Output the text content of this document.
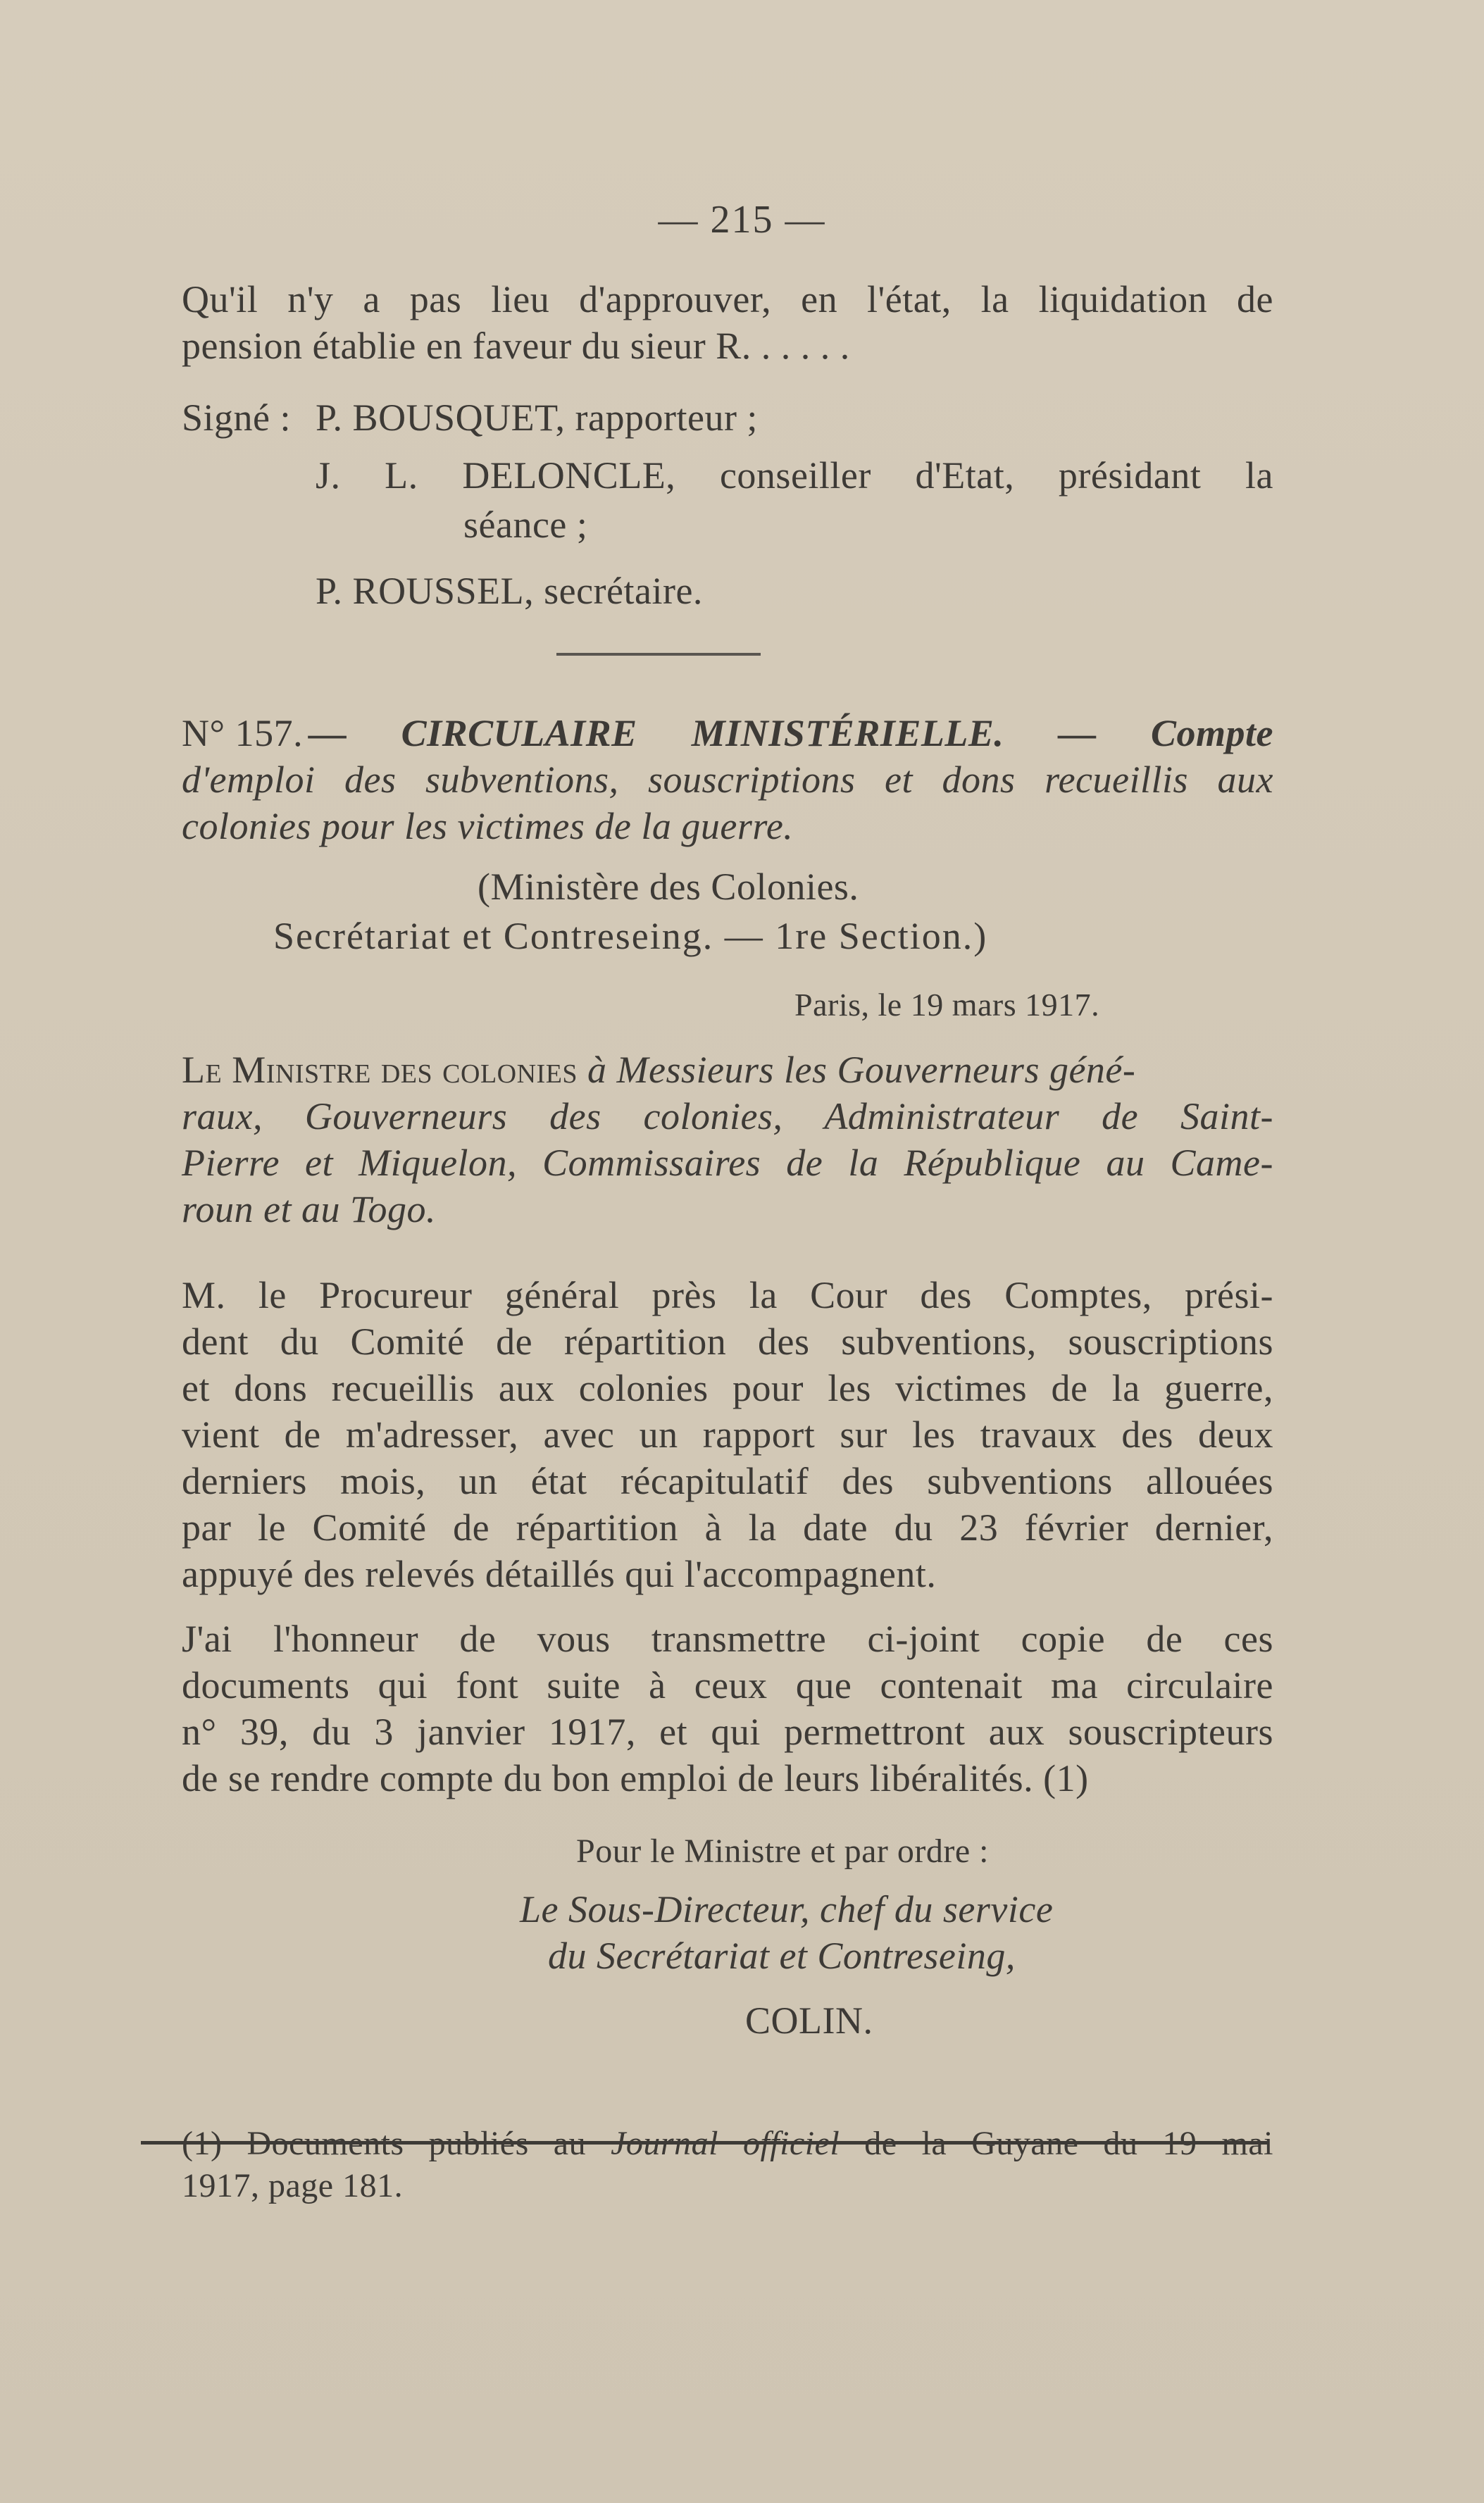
— 215 —
Qu'il n'y a pas lieu d'approuver, en l'état, la liquidation de
pension établie en faveur du sieur R. . . . . .
Signé : P. BOUSQUET, rapporteur ;
J. L. DELONCLE, conseiller d'Etat, présidant la
séance ;
P. ROUSSEL, secrétaire.
N° 157. — CIRCULAIRE MINISTÉRIELLE. — Compte
d'emploi des subventions, souscriptions et dons recueillis aux
colonies pour les victimes de la guerre.
(Ministère des Colonies.
Secrétariat et Contreseing. — 1re Section.)
Paris, le 19 mars 1917.
Le Ministre des colonies à Messieurs les Gouverneurs géné-
raux, Gouverneurs des colonies, Administrateur de Saint-
Pierre et Miquelon, Commissaires de la République au Came-
roun et au Togo.
M. le Procureur général près la Cour des Comptes, prési-
dent du Comité de répartition des subventions, souscriptions
et dons recueillis aux colonies pour les victimes de la guerre,
vient de m'adresser, avec un rapport sur les travaux des deux
derniers mois, un état récapitulatif des subventions allouées
par le Comité de répartition à la date du 23 février dernier,
appuyé des relevés détaillés qui l'accompagnent.
J'ai l'honneur de vous transmettre ci-joint copie de ces
documents qui font suite à ceux que contenait ma circulaire
n° 39, du 3 janvier 1917, et qui permettront aux souscripteurs
de se rendre compte du bon emploi de leurs libéralités. (1)
Pour le Ministre et par ordre :
Le Sous-Directeur, chef du service
du Secrétariat et Contreseing,
COLIN.
(1) Documents publiés au Journal officiel de la Guyane du 19 mai
1917, page 181.
